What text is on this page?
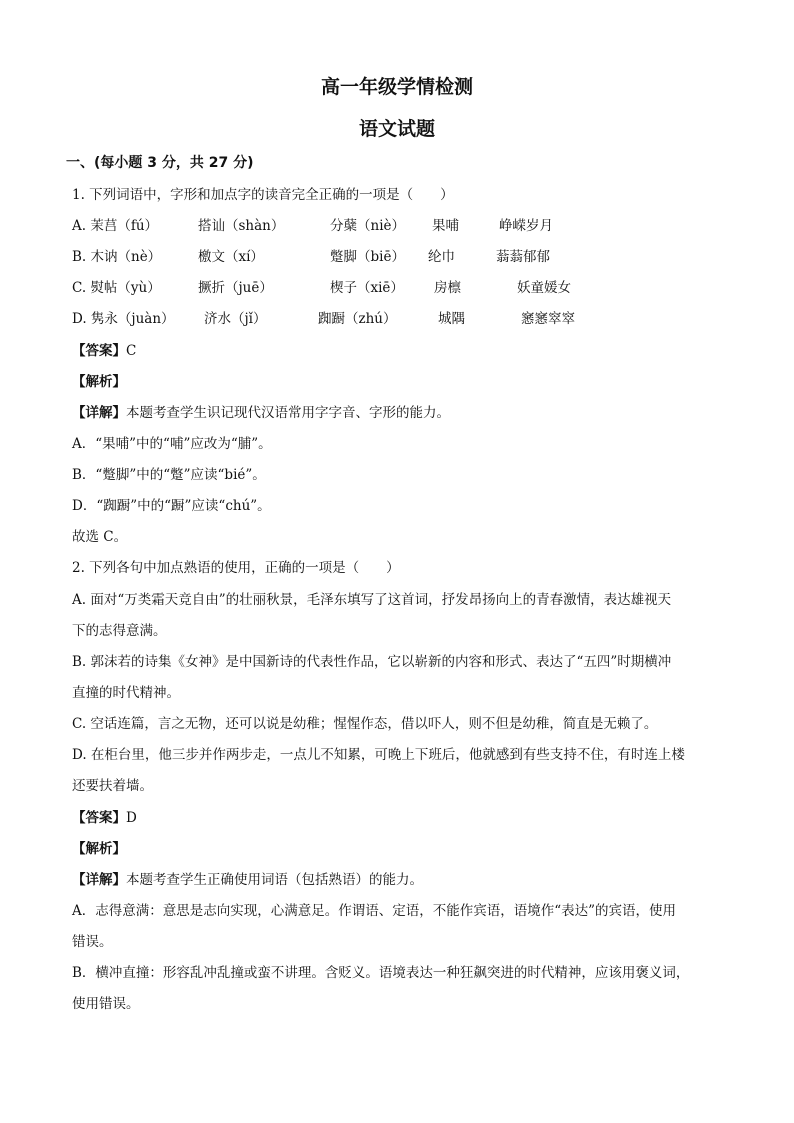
高一年级学情检测
语文试题
一、(每小题 3 分，共 27 分)
1. 下列词语中，字形和加点字的读音完全正确的一项是（　　）
A. 茉莒（fú）	搭讪（shàn）	分蘖（niè） 果哺	峥嵘岁月
B. 木讷（nè）	檄文（xí）	蹩脚（biē） 纶巾	蓊蓊郁郁
C. 熨帖（yù）	撅折（juē）	楔子（xiē） 房檩	妖童媛女
D. 隽永（juàn） 济水（jǐ）	踟蹰（zhú）	城隅	窸窸窣窣
【答案】C
【解析】
【详解】本题考查学生识记现代汉语常用字字音、字形的能力。
A．“果哺”中的“哺”应改为“脯”。
B．“蹩脚”中的“蹩”应读“bié”。
D．“踟蹰”中的“蹰”应读“chú”。
故选 C。
2. 下列各句中加点熟语的使用，正确的一项是（　　）
A. 面对“万类霜天竞自由”的壮丽秋景，毛泽东填写了这首词，抒发昂扬向上的青春激情，表达雄视天
下的志得意满。
B. 郭沫若的诗集《女神》是中国新诗的代表性作品，它以崭新的内容和形式、表达了“五四”时期横冲
直撞的时代精神。
C. 空话连篇，言之无物，还可以说是幼稚；惺惺作态，借以吓人，则不但是幼稚，简直是无赖了。
D. 在柜台里，他三步并作两步走，一点儿不知累，可晚上下班后，他就感到有些支持不住，有时连上楼
还要扶着墙。
【答案】D
【解析】
【详解】本题考查学生正确使用词语（包括熟语）的能力。
A．志得意满：意思是志向实现，心满意足。作谓语、定语，不能作宾语，语境作“表达”的宾语，使用
错误。
B．横冲直撞：形容乱冲乱撞或蛮不讲理。含贬义。语境表达一种狂飙突进的时代精神，应该用褒义词，
使用错误。
